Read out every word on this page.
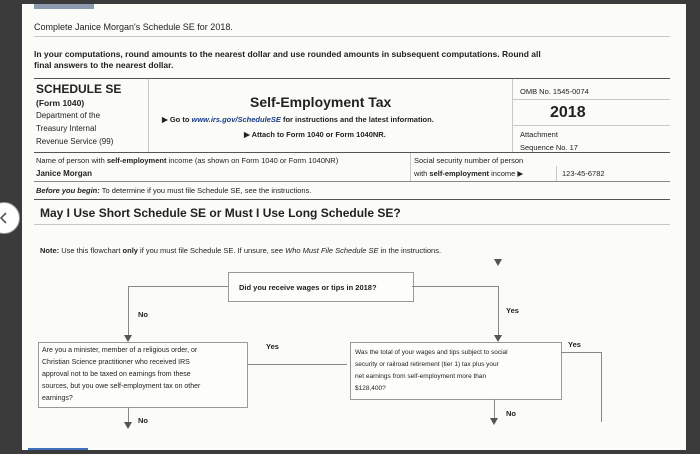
Complete Janice Morgan's Schedule SE for 2018.
In your computations, round amounts to the nearest dollar and use rounded amounts in subsequent computations. Round all
final answers to the nearest dollar.
SCHEDULE SE
(Form 1040)
Department of the
Treasury Internal
Revenue Service (99)
Self-Employment Tax
▶ Go to www.irs.gov/ScheduleSE for instructions and the latest information.
▶ Attach to Form 1040 or Form 1040NR.
OMB No. 1545-0074
2018
Attachment
Sequence No. 17
Name of person with self-employment income (as shown on Form 1040 or Form 1040NR)
Janice Morgan
Social security number of person
with self-employment income ▶	123-45-6782
Before you begin: To determine if you must file Schedule SE, see the instructions.
May I Use Short Schedule SE or Must I Use Long Schedule SE?
Note: Use this flowchart only if you must file Schedule SE. If unsure, see Who Must File Schedule SE in the instructions.
Did you receive wages or tips in 2018?
No	Yes
Are you a minister, member of a religious order, or
Christian Science practitioner who received IRS
approval not to be taxed on earnings from these
sources, but you owe self-employment tax on other
earnings?
Yes
No
Was the total of your wages and tips subject to social
security or railroad retirement (tier 1) tax plus your
net earnings from self-employment more than
$128,400?
Yes
No
